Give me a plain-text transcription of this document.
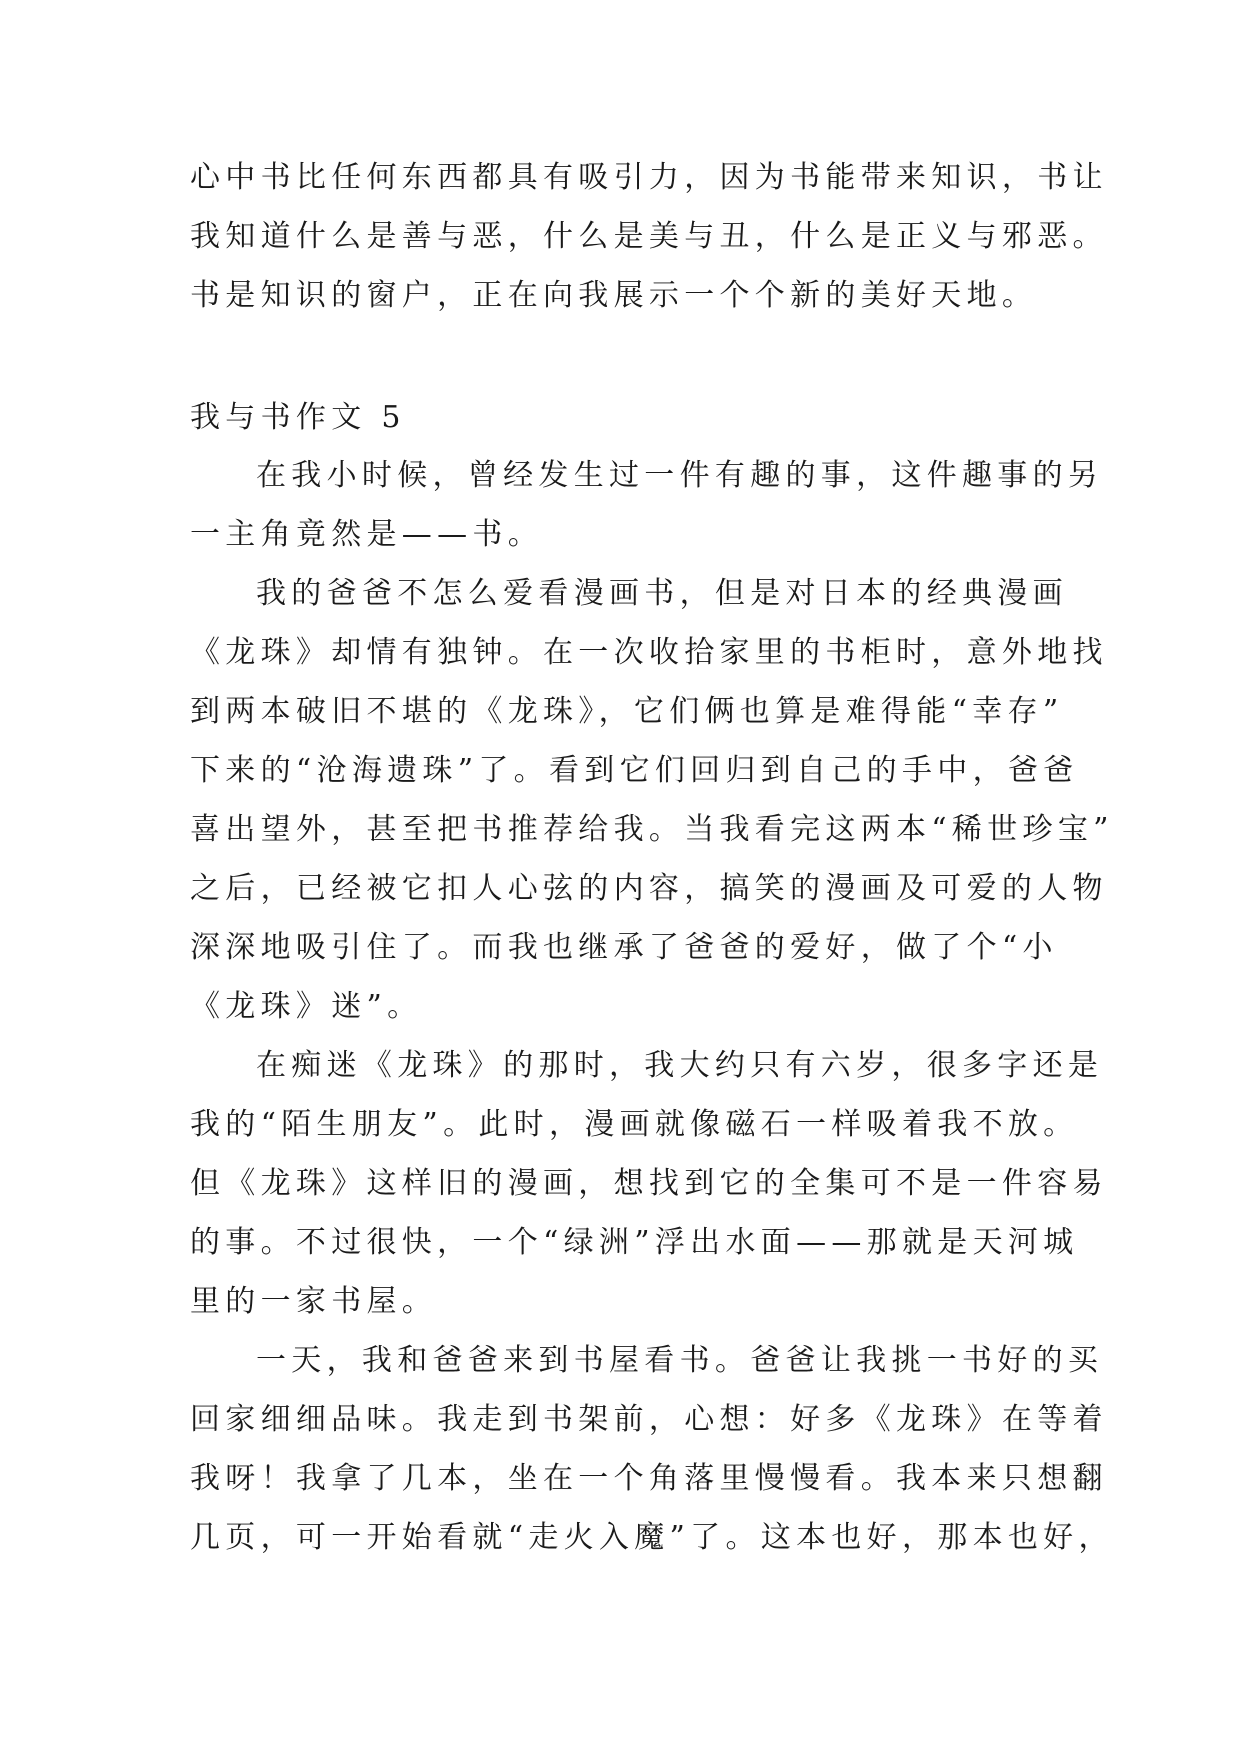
心中书比任何东西都具有吸引力，因为书能带来知识，书让
我知道什么是善与恶，什么是美与丑，什么是正义与邪恶。
书是知识的窗户，正在向我展示一个个新的美好天地。
我与书作文 5
在我小时候，曾经发生过一件有趣的事，这件趣事的另
一主角竟然是——书。
我的爸爸不怎么爱看漫画书，但是对日本的经典漫画
《龙珠》却情有独钟。在一次收拾家里的书柜时，意外地找
到两本破旧不堪的《龙珠》，它们俩也算是难得能“幸存”
下来的“沧海遗珠”了。看到它们回归到自己的手中，爸爸
喜出望外，甚至把书推荐给我。当我看完这两本“稀世珍宝”
之后，已经被它扣人心弦的内容，搞笑的漫画及可爱的人物
深深地吸引住了。而我也继承了爸爸的爱好，做了个“小
《龙珠》迷”。
在痴迷《龙珠》的那时，我大约只有六岁，很多字还是
我的“陌生朋友”。此时，漫画就像磁石一样吸着我不放。
但《龙珠》这样旧的漫画，想找到它的全集可不是一件容易
的事。不过很快，一个“绿洲”浮出水面——那就是天河城
里的一家书屋。
一天，我和爸爸来到书屋看书。爸爸让我挑一书好的买
回家细细品味。我走到书架前，心想：好多《龙珠》在等着
我呀！我拿了几本，坐在一个角落里慢慢看。我本来只想翻
几页，可一开始看就“走火入魔”了。这本也好，那本也好，
